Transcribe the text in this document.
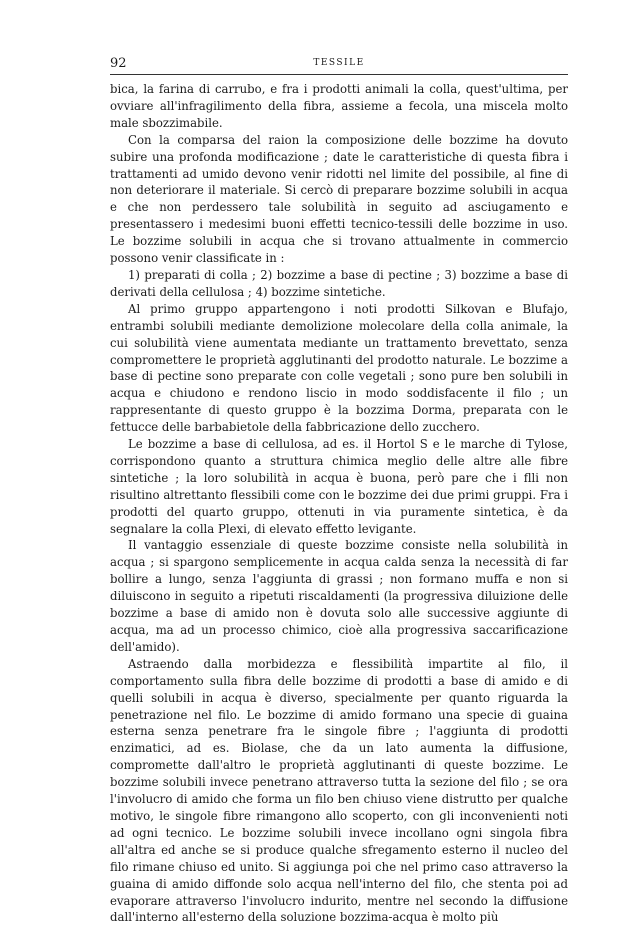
92	TESSILE

bica, la farina di carrubo, e fra i prodotti animali la colla, quest'ultima, per ovviare all'infragilimento della fibra, assieme a fecola, una miscela molto male sbozzimabile.

Con la comparsa del raion la composizione delle bozzime ha dovuto subire una profonda modificazione ; date le caratteristiche di questa fibra i trattamenti ad umido devono venir ridotti nel limite del possibile, al fine di non deteriorare il materiale. Si cercò di preparare bozzime solubili in acqua e che non perdessero tale solubilità in seguito ad asciugamento e presentassero i medesimi buoni effetti tecnico-tessili delle bozzime in uso. Le bozzime solubili in acqua che si trovano attualmente in commercio possono venir classificate in :

1) preparati di colla ; 2) bozzime a base di pectine ; 3) bozzime a base di derivati della cellulosa ; 4) bozzime sintetiche.

Al primo gruppo appartengono i noti prodotti Silkovan e Blufajo, entrambi solubili mediante demolizione molecolare della colla animale, la cui solubilità viene aumentata mediante un trattamento brevettato, senza compromettere le proprietà agglutinanti del prodotto naturale. Le bozzime a base di pectine sono preparate con colle vegetali ; sono pure ben solubili in acqua e chiudono e rendono liscio in modo soddisfacente il filo ; un rappresentante di questo gruppo è la bozzima Dorma, preparata con le fettucce delle barbabietole della fabbricazione dello zucchero.

Le bozzime a base di cellulosa, ad es. il Hortol S e le marche di Tylose, corrispondono quanto a struttura chimica meglio delle altre alle fibre sintetiche ; la loro solubilità in acqua è buona, però pare che i flli non risultino altrettanto flessibili come con le bozzime dei due primi gruppi. Fra i prodotti del quarto gruppo, ottenuti in via puramente sintetica, è da segnalare la colla Plexi, di elevato effetto levigante.

Il vantaggio essenziale di queste bozzime consiste nella solubilità in acqua ; si spargono semplicemente in acqua calda senza la necessità di far bollire a lungo, senza l'aggiunta di grassi ; non formano muffa e non si diluiscono in seguito a ripetuti riscaldamenti (la progressiva diluizione delle bozzime a base di amido non è dovuta solo alle successive aggiunte di acqua, ma ad un processo chimico, cioè alla progressiva saccarificazione dell'amido).

Astraendo dalla morbidezza e flessibilità impartite al filo, il comportamento sulla fibra delle bozzime di prodotti a base di amido e di quelli solubili in acqua è diverso, specialmente per quanto riguarda la penetrazione nel filo. Le bozzime di amido formano una specie di guaina esterna senza penetrare fra le singole fibre ; l'aggiunta di prodotti enzimatici, ad es. Biolase, che da un lato aumenta la diffusione, compromette dall'altro le proprietà agglutinanti di queste bozzime. Le bozzime solubili invece penetrano attraverso tutta la sezione del filo ; se ora l'involucro di amido che forma un filo ben chiuso viene distrutto per qualche motivo, le singole fibre rimangono allo scoperto, con gli inconvenienti noti ad ogni tecnico. Le bozzime solubili invece incollano ogni singola fibra all'altra ed anche se si produce qualche sfregamento esterno il nucleo del filo rimane chiuso ed unito. Si aggiunga poi che nel primo caso attraverso la guaina di amido diffonde solo acqua nell'interno del filo, che stenta poi ad evaporare attraverso l'involucro indurito, mentre nel secondo la diffusione dall'interno all'esterno della soluzione bozzima-acqua è molto più
